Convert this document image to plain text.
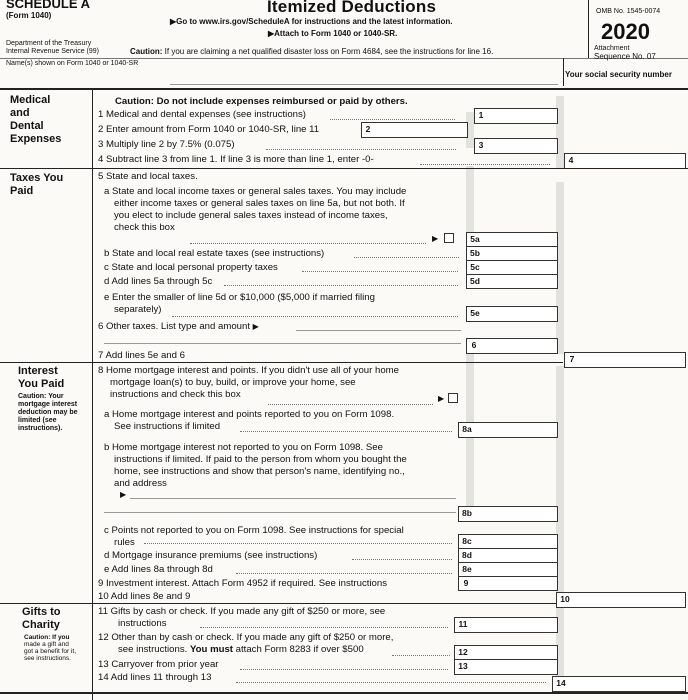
SCHEDULE A
(Form 1040)
Department of the Treasury
Internal Revenue Service (99)
Name(s) shown on Form 1040 or 1040-SR
Itemized Deductions
▶Go to www.irs.gov/ScheduleA for instructions and the latest information.
▶Attach to Form 1040 or 1040-SR.
Caution: If you are claiming a net qualified disaster loss on Form 4684, see the instructions for line 16.
OMB No. 1545-0074
2020
Attachment
Sequence No. 07
Your social security number
Medical
and
Dental
Expenses
Caution: Do not include expenses reimbursed or paid by others.
1 Medical and dental expenses (see instructions)	1
2 Enter amount from Form 1040 or 1040-SR, line 11	2
3 Multiply line 2 by 7.5% (0.075)	3
4 Subtract line 3 from line 1. If line 3 is more than line 1, enter -0-	4
Taxes You
Paid
5 State and local taxes.
a State and local income taxes or general sales taxes. You may include
either income taxes or general sales taxes on line 5a, but not both. If
you elect to include general sales taxes instead of income taxes,
check this box
▶	5a
b State and local real estate taxes (see instructions)	5b
c State and local personal property taxes	5c
d Add lines 5a through 5c	5d
e Enter the smaller of line 5d or $10,000 ($5,000 if married filing
separately)	5e
6 Other taxes. List type and amount ▶
6
7 Add lines 5e and 6	7
Interest
You Paid
Caution: Your
mortgage interest
deduction may be
limited (see
instructions).
8 Home mortgage interest and points. If you didn't use all of your home
mortgage loan(s) to buy, build, or improve your home, see
instructions and check this box	▶
a Home mortgage interest and points reported to you on Form 1098.
See instructions if limited	8a
b Home mortgage interest not reported to you on Form 1098. See
instructions if limited. If paid to the person from whom you bought the
home, see instructions and show that person's name, identifying no.,
and address
▶
8b
c Points not reported to you on Form 1098. See instructions for special
rules	8c
d Mortgage insurance premiums (see instructions)	8d
e Add lines 8a through 8d	8e
9 Investment interest. Attach Form 4952 if required. See instructions	9
10 Add lines 8e and 9	10
Gifts to
Charity
Caution: If you
made a gift and
got a benefit for it,
see instructions.
11 Gifts by cash or check. If you made any gift of $250 or more, see
instructions	11
12 Other than by cash or check. If you made any gift of $250 or more,
see instructions. You must attach Form 8283 if over $500	12
13 Carryover from prior year	13
14 Add lines 11 through 13	14
